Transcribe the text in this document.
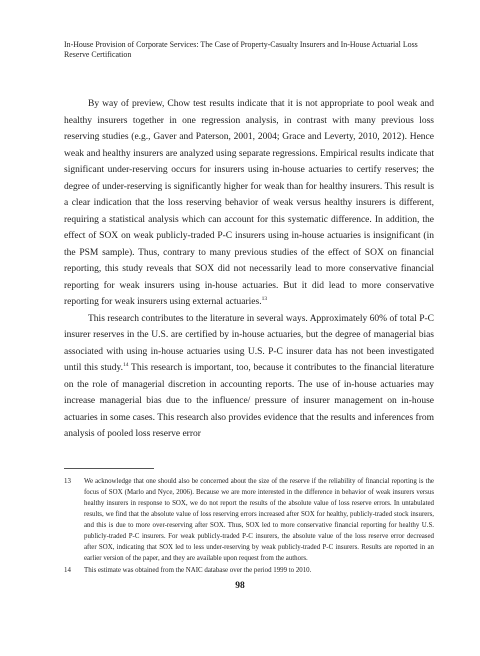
In-House Provision of Corporate Services: The Case of Property-Casualty Insurers and In-House Actuarial Loss Reserve Certification

By way of preview, Chow test results indicate that it is not appropriate to pool weak and healthy insurers together in one regression analysis, in contrast with many previous loss reserving studies (e.g., Gaver and Paterson, 2001, 2004; Grace and Leverty, 2010, 2012). Hence weak and healthy insurers are analyzed using separate regressions. Empirical results indicate that significant under-reserving occurs for insurers using in-house actuaries to certify reserves; the degree of under-reserving is significantly higher for weak than for healthy insurers. This result is a clear indication that the loss reserving behavior of weak versus healthy insurers is different, requiring a statistical analysis which can account for this systematic difference. In addition, the effect of SOX on weak publicly-traded P-C insurers using in-house actuaries is insignificant (in the PSM sample). Thus, contrary to many previous studies of the effect of SOX on financial reporting, this study reveals that SOX did not necessarily lead to more conservative financial reporting for weak insurers using in-house actuaries. But it did lead to more conservative reporting for weak insurers using external actuaries.$^{13}$

This research contributes to the literature in several ways. Approximately 60% of total P-C insurer reserves in the U.S. are certified by in-house actuaries, but the degree of managerial bias associated with using in-house actuaries using U.S. P-C insurer data has not been investigated until this study.$^{14}$ This research is important, too, because it contributes to the financial literature on the role of managerial discretion in accounting reports. The use of in-house actuaries may increase managerial bias due to the influence/ pressure of insurer management on in-house actuaries in some cases. This research also provides evidence that the results and inferences from analysis of pooled loss reserve error

13	We acknowledge that one should also be concerned about the size of the reserve if the reliability of financial reporting is the focus of SOX (Marlo and Nyce, 2006). Because we are more interested in the difference in behavior of weak insurers versus healthy insurers in response to SOX, we do not report the results of the absolute value of loss reserve errors. In untabulated results, we find that the absolute value of loss reserving errors increased after SOX for healthy, publicly-traded stock insurers, and this is due to more over-reserving after SOX. Thus, SOX led to more conservative financial reporting for healthy U.S. publicly-traded P-C insurers. For weak publicly-traded P-C insurers, the absolute value of the loss reserve error decreased after SOX, indicating that SOX led to less under-reserving by weak publicly-traded P-C insurers. Results are reported in an earlier version of the paper, and they are available upon request from the authors.
14	This estimate was obtained from the NAIC database over the period 1999 to 2010.
98
